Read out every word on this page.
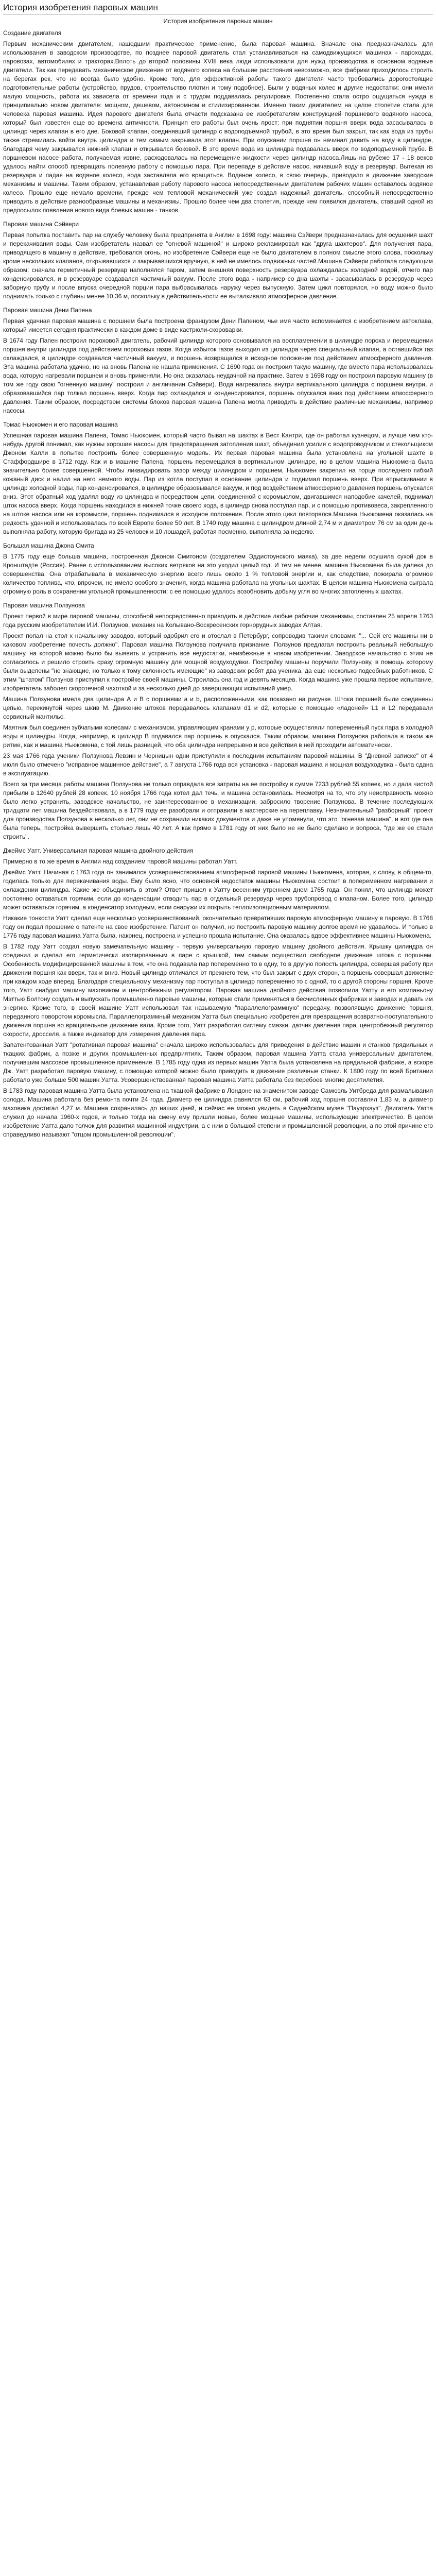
История изобретения паровых машин
История изобретения паровых машин
Создание двигателя

Первым механическим двигателем, нашедшим практическое применение, была паровая машина. Вначале она предназначалась для использования в заводском производстве, по позднее паровой двигатель стал устанавливаться на самодвижущихся машинах - пароходах, паровозах, автомобилях и тракторах.Вплоть до второй половины XVIII века люди использовали для нужд производства в основном водяные двигатели. Так как передавать механическое движение от водяного колеса на большие расстояния невозможно, все фабрики приходилось строить на берегах рек, что не всегда было удобно. Кроме того, для эффективной работы такого двигателя часто требовались дорогостоящие подготовительные работы (устройство, прудов, строительство плотин и тому подобное). Были у водяных колес и другие недостатки: они имели малую мощность, работа их зависела от времени года и с трудом поддавалась регулировке. Постепенно стала остро ощущаться нужда в принципиально новом двигателе: мощном, дешевом, автономном и стилизированном. Именно таким двигателем на целое столетие стала для человека паровая машина. Идея парового двигателя была отчасти подсказана ее изобретателям конструкцией поршневого водяного насоса, который был известен еще во времена античности. Принцип его работы был очень прост: при поднятии поршня вверх вода засасывалась в цилиндр через клапан в его дне. Боковой клапан, соединявший цилиндр с водоподъемной трубой, в это время был закрыт, так как вода из трубы также стремилась войти внутрь цилиндра и тем самым закрывала этот клапан. При опускании поршня он начинал давить на воду в цилиндре, благодаря чему закрывался нижний клапан и открывался боковой. В это время вода из цилиндра подавалась вверх по водоподъемной трубе. В поршневом насосе работа, получаемая извне, расходовалась на перемещение жидкости через цилиндр насоса.Лишь на рубеже 17 - 18 веков удалось найти способ превращать полезную работу с помощью пара. При перепаде в действие насос, начавший воду в резервуар. Вытекая из резервуара и падая на водяное колесо, вода заставляла его вращаться. Водяное колесо, в свою очередь, приводило в движение заводские механизмы и машины. Таким образом, устанавливая работу парового насоса непосредственным двигателем рабочих машин оставалось водяное колесо. Прошло еще немало времени, прежде чем тепловой механический уже создал надежный двигатель, способный непосредственно приводить в действие разнообразные машины и механизмы. Прошло более чем два столетия, прежде чем появился двигатель, ставший одной из предпосылок появления нового вида боевых машин - танков.

Паровая машина Сэйвери

Первая попытка поставить пар на службу человеку была предпринята в Англии в 1698 году: машина Сэйвери предназначалась для осушения шахт и перекачивания воды. Сам изобретатель назвал ее "огневой машиной" и широко рекламировал как "друга шахтеров". Для получения пара, приводящего в машину в действие, требовался огонь, но изобретение Сэйвери еще не было двигателем в полном смысле этого слова, поскольку кроме нескольких клапанов, открывавшихся и закрывавшихся вручную, в ней не имелось подвижных частей.Машина Сэйвери работала следующим образом: сначала герметичный резервуар наполнялся паром, затем внешняя поверхность резервуара охлаждалась холодной водой, отчего пар конденсировался, и в резервуаре создавался частичный вакуум. После этого вода - например со дна шахты - засасывалась в резервуар через заборную трубу и после впуска очередной порции пара выбрасывалась наружу через выпускную. Затем цикл повторялся, но воду можно было поднимать только с глубины менее 10,36 м, поскольку в действительности ее выталкивало атмосферное давление.

Паровая машина Дени Папена

Первая удачная паровая машина с поршнем была построена французом Дени Папеном, чье имя часто вспоминается с изобретением автоклава, который имеется сегодня практически в каждом доме в виде кастрюли-скороварки.

В 1674 году Папен построил пороховой двигатель, рабочий цилиндр которого основывался на воспламенении в цилиндре пороха и перемещении поршня внутри цилиндра под действием пороховых газов. Когда избыток газов выходил из цилиндра через специальный клапан, а оставшийся газ охлаждался, в цилиндре создавался частичный вакуум, и поршень возвращался в исходное положение под действием атмосферного давления. Эта машина работала удачно, но на вновь Папена не нашла применения. С 1690 года он построил такую машину, где вместо пара использовалась вода, которую нагревали поршнем и вновь применяли. Но она оказалась неудачной на практике. Затем в 1698 году он построил паровую машину (в том же году свою "огненную машину" построил и англичанин Сэйвери). Вода нагревалась внутри вертикального цилиндра с поршнем внутри, и образовавшийся пар толкал поршень вверх. Когда пар охлаждался и конденсировался, поршень опускался вниз под действием атмосферного давления. Таким образом, посредством системы блоков паровая машина Папена могла приводить в действие различные механизмы, например насосы.

Томас Ньюкомен и его паровая машина

Успешная паровая машина Папена, Томас Ньюкомен, который часто бывал на шахтах в Вест Кантри, где он работал кузнецом, и лучше чем кто-нибудь другой понимал, как нужны хорошие насосы для предотвращения затопления шахт, объединил усилия с водопроводчиком и стекольщиком Джоном Калли в попытке построить более совершенную модель. Их первая паровая машина была установлена на угольной шахте в Стаффордшире в 1712 году. Как и в машине Папена, поршень перемещался в вертикальном цилиндре, но в целом машина Ньюкомена была значительно более совершенной. Чтобы ликвидировать зазор между цилиндром и поршнем, Ньюкомен закрепил на торце последнего гибкий кожаный диск и налил на него немного воды. Пар из котла поступал в основание цилиндра и поднимал поршень вверх. При впрыскивании в цилиндр холодной воды, пар конденсировался, в цилиндре образовывался вакуум, и под воздействием атмосферного давления поршень опускался вниз. Этот обратный ход удалял воду из цилиндра и посредством цепи, соединенной с коромыслом, двигавшимся наподобие качелей, поднимал шток насоса вверх. Когда поршень находился в нижней точке своего хода, в цилиндр снова поступал пар, и с помощью противовеса, закрепленного на штоке насоса или на коромысле, поршень поднимался в исходное положение. После этого цикл повторялся.Машина Ньюкомена оказалась на редкость удачной и использовалась по всей Европе более 50 лет. В 1740 году машина с цилиндром длиной 2,74 м и диаметром 76 см за один день выполняла работу, которую бригада из 25 человек и 10 лошадей, работая посменно, выполняла за неделю.

Большая машина Джона Смита

В 1775 году еще больша машина, построенная Джоном Смитоном (создателем Эддистоунского маяка), за две недели осушила сухой док в Кронштадте (Россия). Ранее с использованием высоких ветряков на это уходил целый год. И тем не менее, машина Ньюкомена была далека до совершенства. Она отрабатывала в механическую энергию всего лишь около 1 % тепловой энергии и, как следствие, пожирала огромное количество топлива, что, впрочем, не имело особого значения, когда машина работала на угольных шахтах. В целом машина Ньюкомена сыграла огромную роль в сохранении угольной промышленности: с ее помощью удалось возобновить добычу угля во многих затопленных шахтах.

Паровая машина Ползунова

Проект первой в мире паровой машины, способной непосредственно приводить в действие любые рабочие механизмы, составлен 25 апреля 1763 года русским изобретателем И.И. Ползунов, механик на Колывано-Воскресенских горнорудных заводах Алтая.

Проект попал на стол к начальнику заводов, который одобрил его и отослал в Петербург, сопроводив такими словами: "... Сей его машины ни в каковом изобретение почесть должно". Паровая машина Ползунова получила признание. Ползунов предлагал построить реальный небольшую машину, на которой можно было бы выявить и устранить все недостатки, неизбежные в новом изобретении. Заводское начальство с этим не согласилось и решило строить сразу огромную машину для мощной воздуходувки. Постройку машины поручили Ползунову, в помощь которому были выделены "не знающие, но только к тому склонность имеющие" из заводских ребят два ученика, да еще несколько подсобных работников. С этим "штатом" Ползунов приступил к постройке своей машины. Строилась она год и девять месяцев. Когда машина уже прошла первое испытание, изобретатель заболел скоротечной чахоткой и за несколько дней до завершающих испытаний умер.

Машина Ползунова имела два цилиндра А и В с поршнями a и b, расположенными, как показано на рисунке. Штоки поршней были соединены цепью, перекинутой через шкив М. Движение штоков передавалось клапанам d1 и d2, которые с помощью «ладоней» L1 и L2 передавали сервисный мантильс.

Маятник был соединен зубчатыми колесами с механизмом, управляющим кранами у p, которые осуществляли попеременный пуск пара в холодной воды в цилиндры. Когда, например, в цилиндр В подавался пар поршень в опускался. Таким образом, машина Ползунова работала в таком же ритме, как и машина Ньюкомена, с той лишь разницей, что оба цилиндра непрерывно и все действия в ней проходили автоматически.

23 мая 1766 года ученики Ползунова Левзин и Черницын одни приступили к последним испытаниям паровой машины. В "Дневной записке" от 4 июля было отмечено "исправное машинное действие", а 7 августа 1766 года вся установка - паровая машина и мощная воздуходувка - была сдана в эксплуатацию.

Всего за три месяца работы машина Ползунова не только оправдала все затраты на ее постройку в сумме 7233 рублей 55 копеек, но и дала чистой прибыли в 12640 рублей 28 копеек. 10 ноября 1766 года котел дал течь, и машина остановилась. Несмотря на то, что эту неисправность можно было легко устранить, заводское начальство, не заинтересованное в механизации, забросило творение Ползунова. В течение последующих тридцати лет машина бездействовала, а в 1779 году ее разобрали и отправили в мастерские на переплавку. Незначительный "разборный" проект для производства Ползунова в несколько лет, они не сохранили никаких документов и даже не упомянули, что это "огневая машина", и вот где она была теперь, постройка вывершить столько лишь 40 лет. А как прямо в 1781 году от них было не не было сделано и вопроса, "где же ее стали строить".

Джеймс Уатт. Универсальная паровая машина двойного действия

Примерно в то же время в Англии над созданием паровой машины работал Уатт.

Джеймс Уатт. Начиная с 1763 года он занимался усовершенствованием атмосферной паровой машины Ньюкомена, которая, к слову, в общем-то, годилась только для перекачивания воды. Ему было ясно, что основной недостаток машины Ньюкомена состоит в попеременном нагревании и охлаждении цилиндра. Какие же объединить в этом? Ответ пришел к Уатту весенним утреннем днем 1765 года. Он понял, что цилиндр может постоянно оставаться горячим, если до конденсации отводить пар в отдельный резервуар через трубопровод с клапаном. Более того, цилиндр может оставаться горячим, а конденсатор холодным, если снаружи их покрыть теплоизоляционным материалом.

Никакие тонкости Уатт сделал еще несколько усовершенствований, окончательно превративших паровую атмосферную машину в паровую. В 1768 году он подал прошение о патенте на свое изобретение. Патент он получил, но построить паровую машину долгое время не удавалось. И только в 1776 году паровая машина Уатта была, наконец, построена и успешно прошла испытание. Она оказалась вдвое эффективнее машины Ньюкомена.

В 1782 году Уатт создал новую замечательную машину - первую универсальную паровую машину двойного действия. Крышку цилиндра он соединил и сделал его герметически изолированным в паре с крышкой, тем самым осуществил свободное движение штока с поршнем. Особенность модифицированной машины в том, что она подавала пар попеременно то в одну, то в другую полость цилиндра, совершая работу при движении поршня как вверх, так и вниз. Новый цилиндр отличался от прежнего тем, что был закрыт с двух сторон, а поршень совершал движение при каждом ходе вперед. Благодаря специальному механизму пар поступал в цилиндр попеременно то с одной, то с другой стороны поршня. Кроме того, Уатт снабдил машину маховиком и центробежным регулятором. Паровая машина двойного действия позволила Уатту и его компаньону Мэттью Болтону создать и выпускать промышленно паровые машины, которые стали применяться в бесчисленных фабриках и заводах и давать им энергию. Кроме того, в своей машине Уатт использовал так называемую "параллелограммную" передачу, позволявшую движение поршня, переданного поворотом коромысла. Параллелограммный механизм Уатта был специально изобретен для превращения возвратно-поступательного движения поршня во вращательное движение вала. Кроме того, Уатт разработал систему смазки, датчик давления пара, центробежный регулятор скорости, дросселя, а также индикатор для измерения давления пара.

Запатентованная Уатт "ротативная паровая машина" сначала широко использовалась для приведения в действие машин и станков прядильных и ткацких фабрик, а позже и других промышленных предприятиях. Таким образом, паровая машина Уатта стала универсальным двигателем, получившим массовое промышленное применение. В 1785 году одна из первых машин Уатта была установлена на прядильной фабрике, а вскоре Дж. Уатт разработал паровую машину, с помощью которой можно было приводить в движение различные станки. К 1800 году по всей Британии работало уже больше 500 машин Уатта. Усовершенствованная паровая машина Уатта работала без перебоев многие десятилетия.

В 1783 году паровая машина Уатта была установлена на ткацкой фабрике в Лондоне на знаменитом заводе Самюэль Уитбреда для размалывания солода. Машина работала без ремонта почти 24 года. Диаметр ее цилиндра равнялся 63 см, рабочий ход поршня составлял 1,83 м, а диаметр маховика достигал 4,27 м. Машина сохранилась до наших дней, и сейчас ее можно увидеть в Сиднейском музее "Пауэрхауз". Двигатель Уатта служил до начала 1960-х годов, и только тогда на смену ему пришли новые, более мощные машины, использующие электричество. В целом изобретение Уатта дало толчок для развития машинной индустрии, а с ним в большой степени и промышленной революции, а по этой причине его справедливо называют "отцом промышленной революции".
